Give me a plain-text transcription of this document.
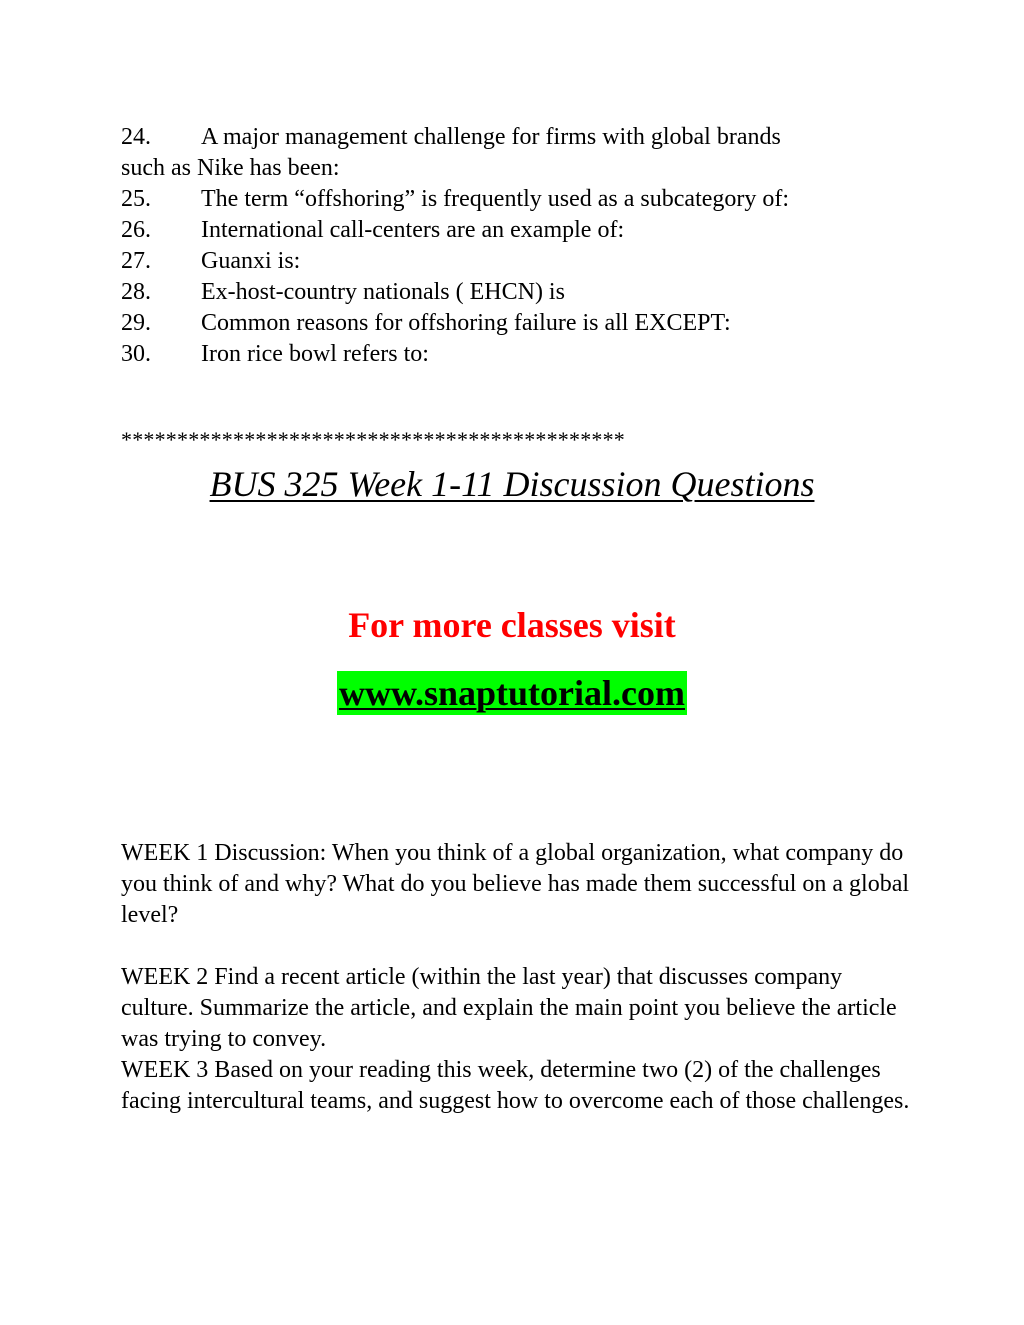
24. A major management challenge for firms with global brands
such as Nike has been:
25. The term “offshoring” is frequently used as a subcategory of:
26. International call-centers are an example of:
27. Guanxi is:
28. Ex-host-country nationals ( EHCN) is
29. Common reasons for offshoring failure is all EXCEPT:
30. Iron rice bowl refers to:
*********************************************
BUS 325 Week 1-11 Discussion Questions
For more classes visit
www.snaptutorial.com

WEEK 1 Discussion: When you think of a global organization, what company do you think of and why? What do you believe has made them successful on a global level?

WEEK 2 Find a recent article (within the last year) that discusses company culture. Summarize the article, and explain the main point you believe the article was trying to convey.

WEEK 3 Based on your reading this week, determine two (2) of the challenges facing intercultural teams, and suggest how to overcome each of those challenges.
